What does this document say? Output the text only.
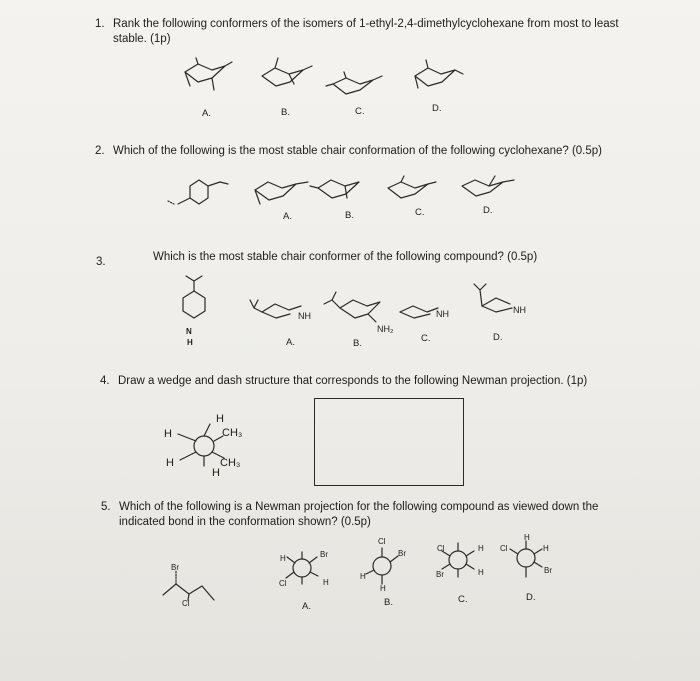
1. Rank the following conformers of the isomers of 1-ethyl-2,4-dimethylcyclohexane from most to least
stable. (1p)
A.	B.	C.	D.
2. Which of the following is the most stable chair conformation of the following cyclohexane? (0.5p)
A.	B.	C.	D.
3.	Which is the most stable chair conformer of the following compound? (0.5p)
A.	B.	C.	D.
NH
NH₂
NH	NH
N
H
4. Draw a wedge and dash structure that corresponds to the following Newman projection. (1p)
H
H
H
CH₃
CH₃
H
5. Which of the following is a Newman projection for the following compound as viewed down the
indicated bond in the conformation shown? (0.5p)
A.	B.	C.	D.
Br
Cl
H	Br
Cl	H
Cl
Br
H
H
Cl	H
Br	H
H
Cl	H
Br
